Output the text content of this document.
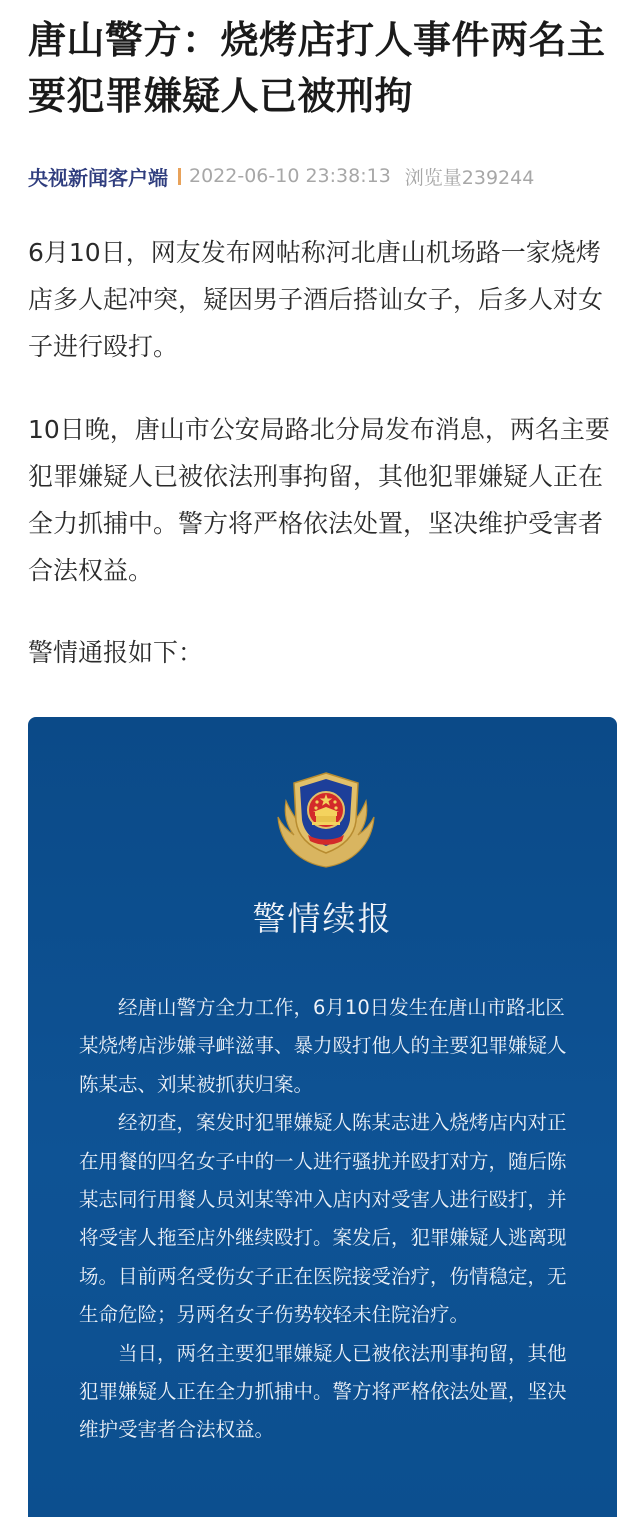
唐山警方：烧烤店打人事件两名主要犯罪嫌疑人已被刑拘
央视新闻客户端 2022-06-10 23:38:13 浏览量239244

6月10日，网友发布网帖称河北唐山机场路一家烧烤店多人起冲突，疑因男子酒后搭讪女子，后多人对女子进行殴打。

10日晚，唐山市公安局路北分局发布消息，两名主要犯罪嫌疑人已被依法刑事拘留，其他犯罪嫌疑人正在全力抓捕中。警方将严格依法处置，坚决维护受害者合法权益。

警情通报如下：

警情续报

经唐山警方全力工作，6月10日发生在唐山市路北区某烧烤店涉嫌寻衅滋事、暴力殴打他人的主要犯罪嫌疑人陈某志、刘某被抓获归案。

经初查，案发时犯罪嫌疑人陈某志进入烧烤店内对正在用餐的四名女子中的一人进行骚扰并殴打对方，随后陈某志同行用餐人员刘某等冲入店内对受害人进行殴打，并将受害人拖至店外继续殴打。案发后，犯罪嫌疑人逃离现场。目前两名受伤女子正在医院接受治疗，伤情稳定，无生命危险；另两名女子伤势较轻未住院治疗。

当日，两名主要犯罪嫌疑人已被依法刑事拘留，其他犯罪嫌疑人正在全力抓捕中。警方将严格依法处置，坚决维护受害者合法权益。
